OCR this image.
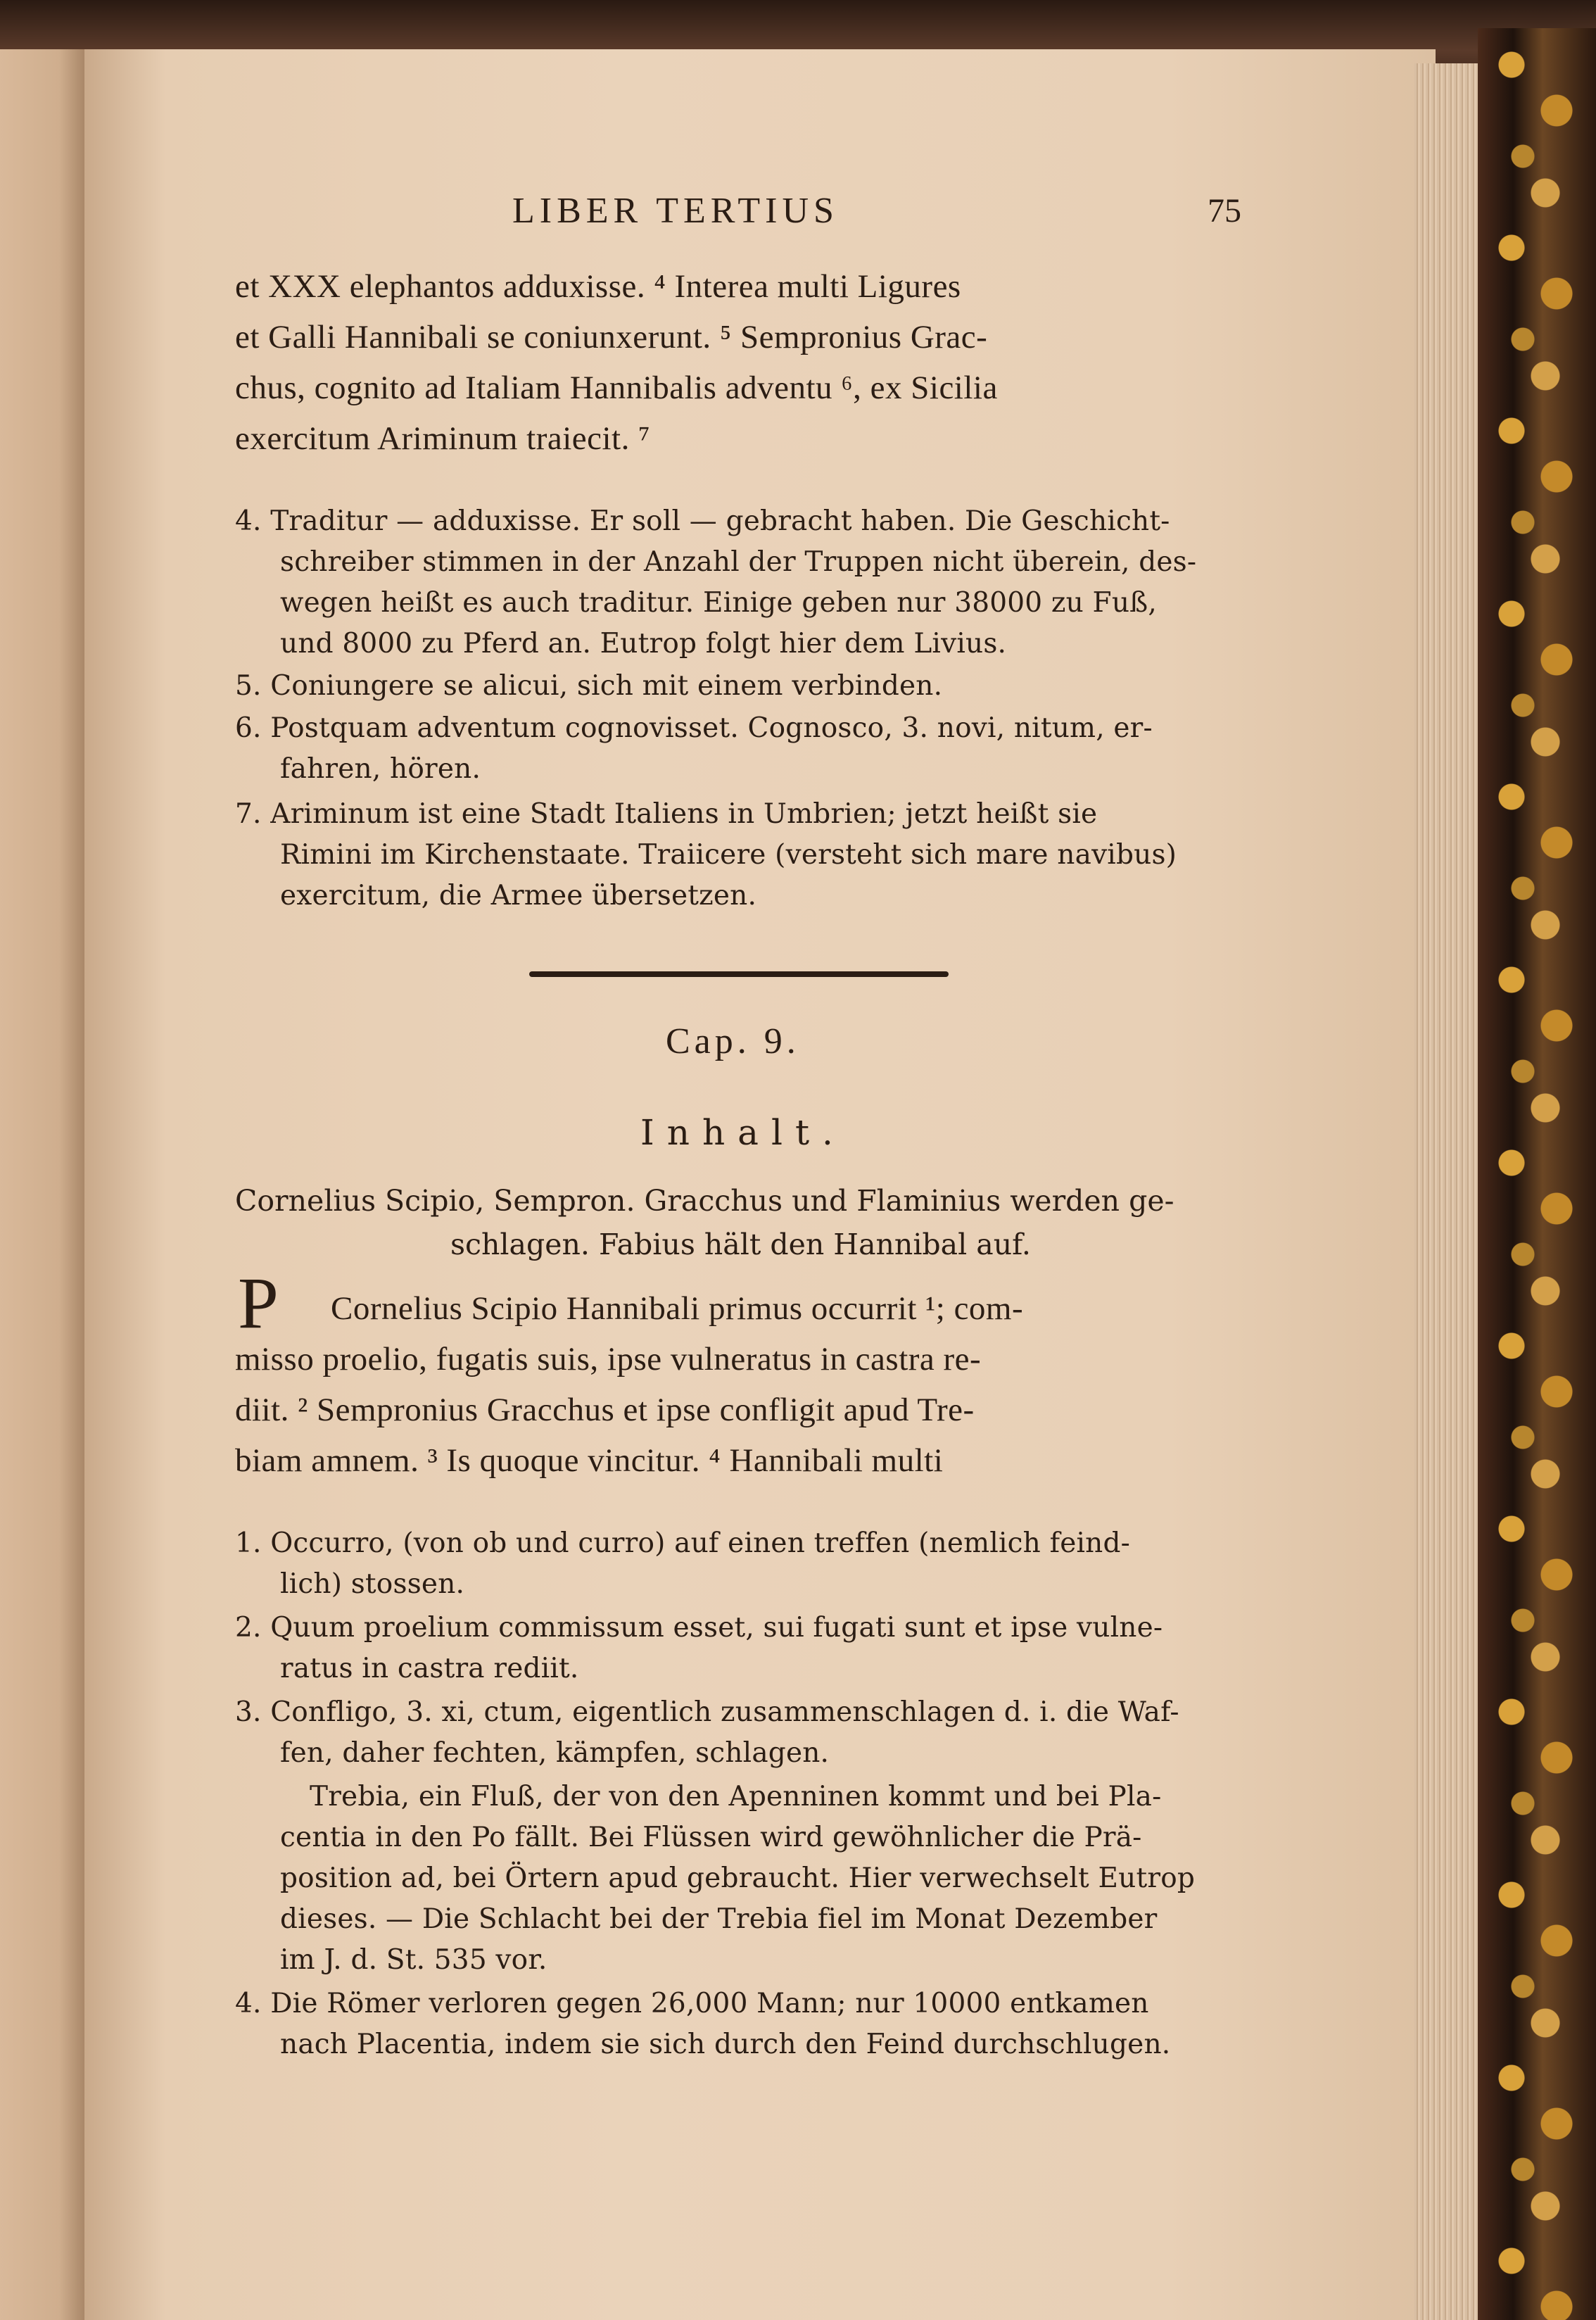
LIBER TERTIUS	75
et XXX elephantos adduxisse. ⁴ Interea multi Ligures
et Galli Hannibali se coniunxerunt. ⁵ Sempronius Grac-
chus, cognito ad Italiam Hannibalis adventu ⁶, ex Sicilia
exercitum Ariminum traiecit. ⁷
4. Traditur — adduxisse. Er soll — gebracht haben. Die Geschicht-
schreiber stimmen in der Anzahl der Truppen nicht überein, des-
wegen heißt es auch traditur. Einige geben nur 38000 zu Fuß,
und 8000 zu Pferd an. Eutrop folgt hier dem Livius.
5. Coniungere se alicui, sich mit einem verbinden.
6. Postquam adventum cognovisset. Cognosco, 3. novi, nitum, er-
fahren, hören.
7. Ariminum ist eine Stadt Italiens in Umbrien; jetzt heißt sie
Rimini im Kirchenstaate. Traiicere (versteht sich mare navibus)
exercitum, die Armee übersetzen.
Cap. 9.
Inhalt.
Cornelius Scipio, Sempron. Gracchus und Flaminius werden ge-
schlagen. Fabius hält den Hannibal auf.
P Cornelius Scipio Hannibali primus occurrit ¹; com-
misso proelio, fugatis suis, ipse vulneratus in castra re-
diit. ² Sempronius Gracchus et ipse confligit apud Tre-
biam amnem. ³ Is quoque vincitur. ⁴ Hannibali multi
1. Occurro, (von ob und curro) auf einen treffen (nemlich feind-
lich) stossen.
2. Quum proelium commissum esset, sui fugati sunt et ipse vulne-
ratus in castra rediit.
3. Confligo, 3. xi, ctum, eigentlich zusammenschlagen d. i. die Waf-
fen, daher fechten, kämpfen, schlagen.
Trebia, ein Fluß, der von den Apenninen kommt und bei Pla-
centia in den Po fällt. Bei Flüssen wird gewöhnlicher die Prä-
position ad, bei Örtern apud gebraucht. Hier verwechselt Eutrop
dieses. — Die Schlacht bei der Trebia fiel im Monat Dezember
im J. d. St. 535 vor.
4. Die Römer verloren gegen 26,000 Mann; nur 10000 entkamen
nach Placentia, indem sie sich durch den Feind durchschlugen.
